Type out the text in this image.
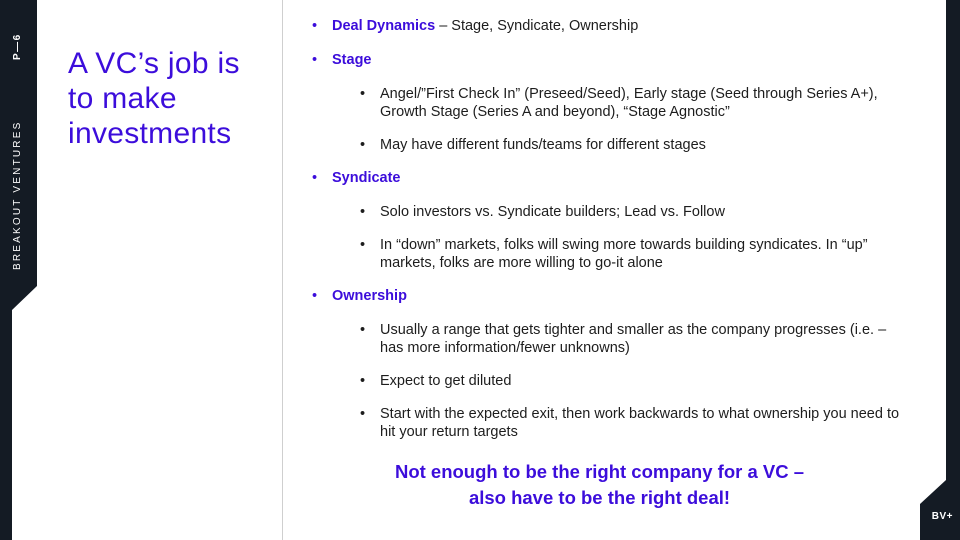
P—6
BREAKOUT VENTURES
BV+
A VC’s job is to make investments
• Deal Dynamics – Stage, Syndicate, Ownership
• Stage
• Angel/”First Check In” (Preseed/Seed), Early stage (Seed through Series A+), Growth Stage (Series A and beyond), “Stage Agnostic”
• May have different funds/teams for different stages
• Syndicate
• Solo investors vs. Syndicate builders; Lead vs. Follow
• In “down” markets, folks will swing more towards building syndicates. In “up” markets, folks are more willing to go-it alone
• Ownership
• Usually a range that gets tighter and smaller as the company progresses (i.e. – has more information/fewer unknowns)
• Expect to get diluted
• Start with the expected exit, then work backwards to what ownership you need to hit your return targets

Not enough to be the right company for a VC –
also have to be the right deal!
